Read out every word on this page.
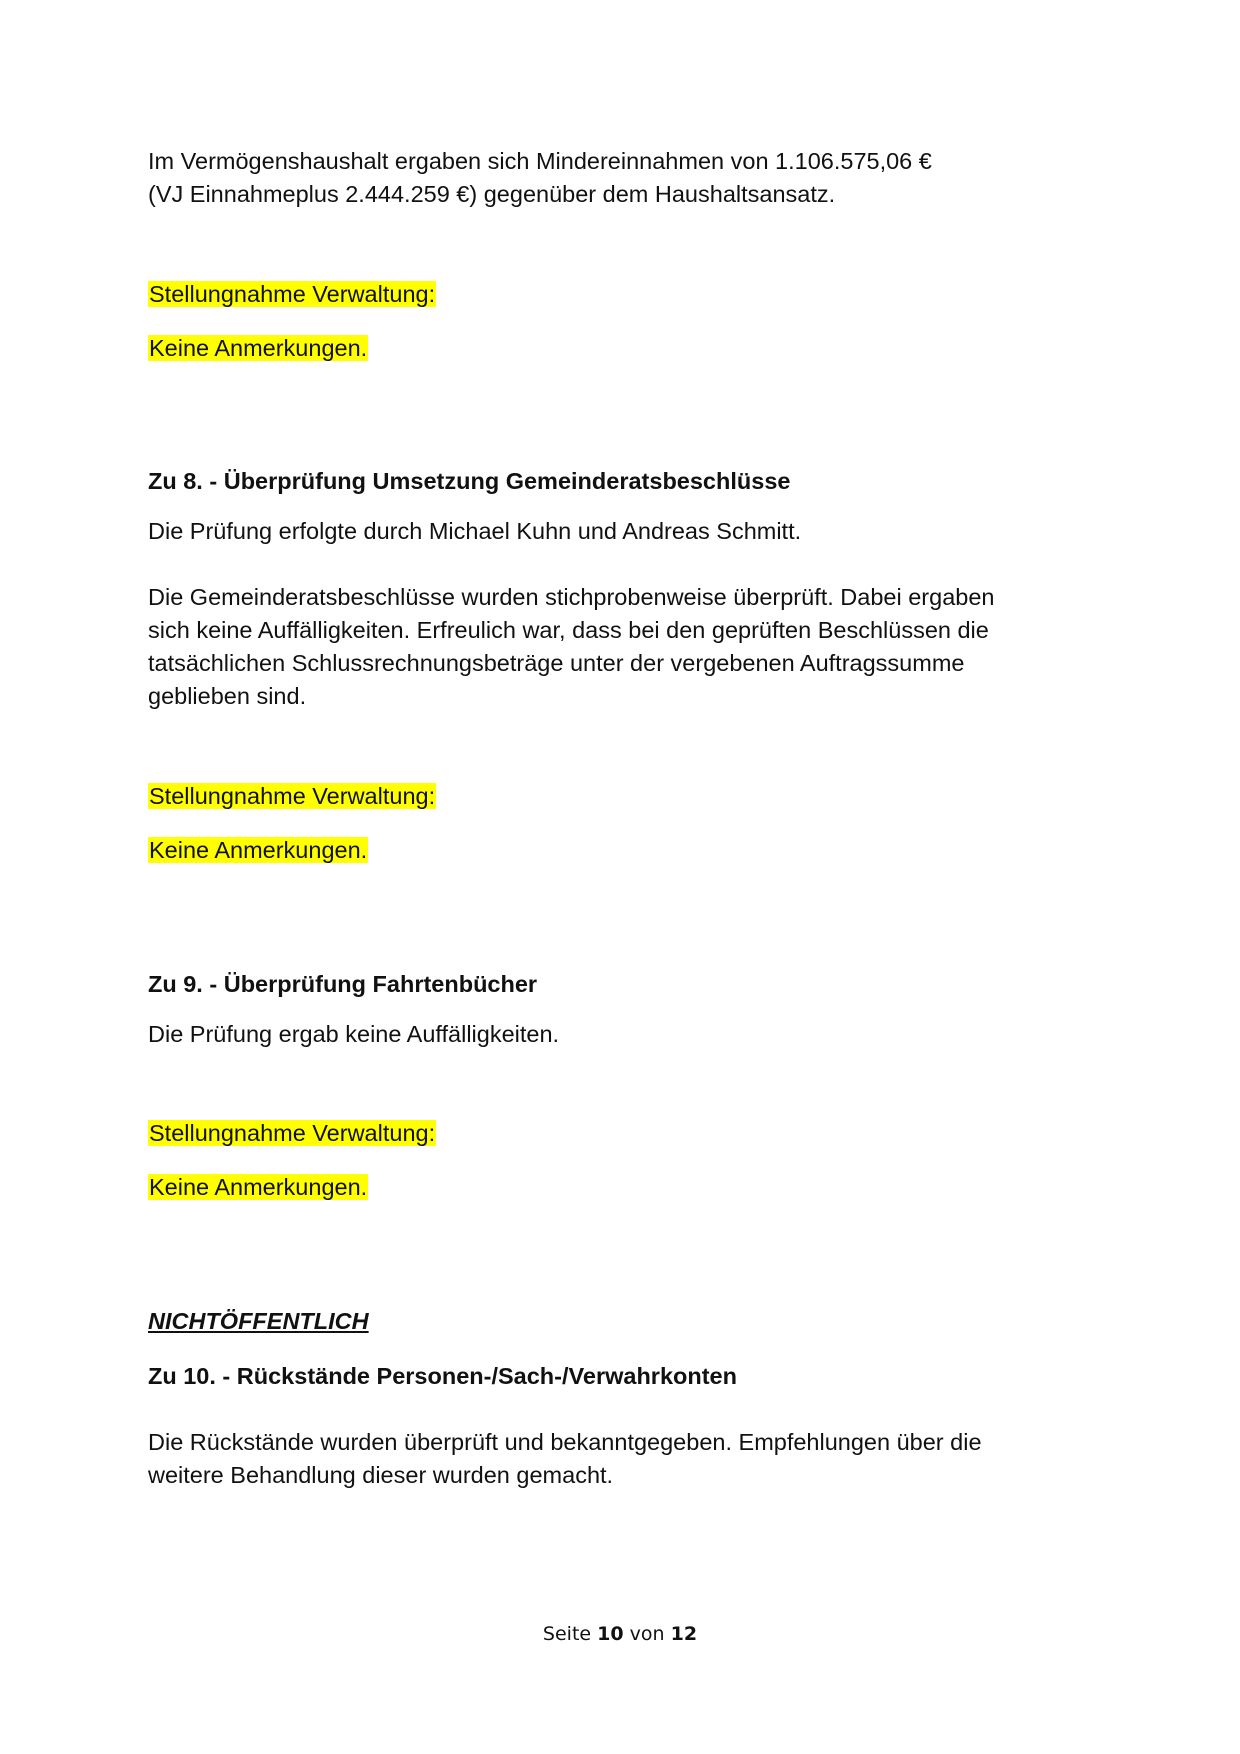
Im Vermögenshaushalt ergaben sich Mindereinnahmen von 1.106.575,06 €

(VJ Einnahmeplus 2.444.259 €) gegenüber dem Haushaltsansatz.

Stellungnahme Verwaltung:

Keine Anmerkungen.

Zu 8. - Überprüfung Umsetzung Gemeinderatsbeschlüsse

Die Prüfung erfolgte durch Michael Kuhn und Andreas Schmitt.

Die Gemeinderatsbeschlüsse wurden stichprobenweise überprüft. Dabei ergaben

sich keine Auffälligkeiten. Erfreulich war, dass bei den geprüften Beschlüssen die

tatsächlichen Schlussrechnungsbeträge unter der vergebenen Auftragssumme

geblieben sind.

Stellungnahme Verwaltung:

Keine Anmerkungen.

Zu 9. - Überprüfung Fahrtenbücher

Die Prüfung ergab keine Auffälligkeiten.

Stellungnahme Verwaltung:

Keine Anmerkungen.

NICHTÖFFENTLICH

Zu 10. - Rückstände Personen-/Sach-/Verwahrkonten

Die Rückstände wurden überprüft und bekanntgegeben. Empfehlungen über die

weitere Behandlung dieser wurden gemacht.

Seite 10 von 12
